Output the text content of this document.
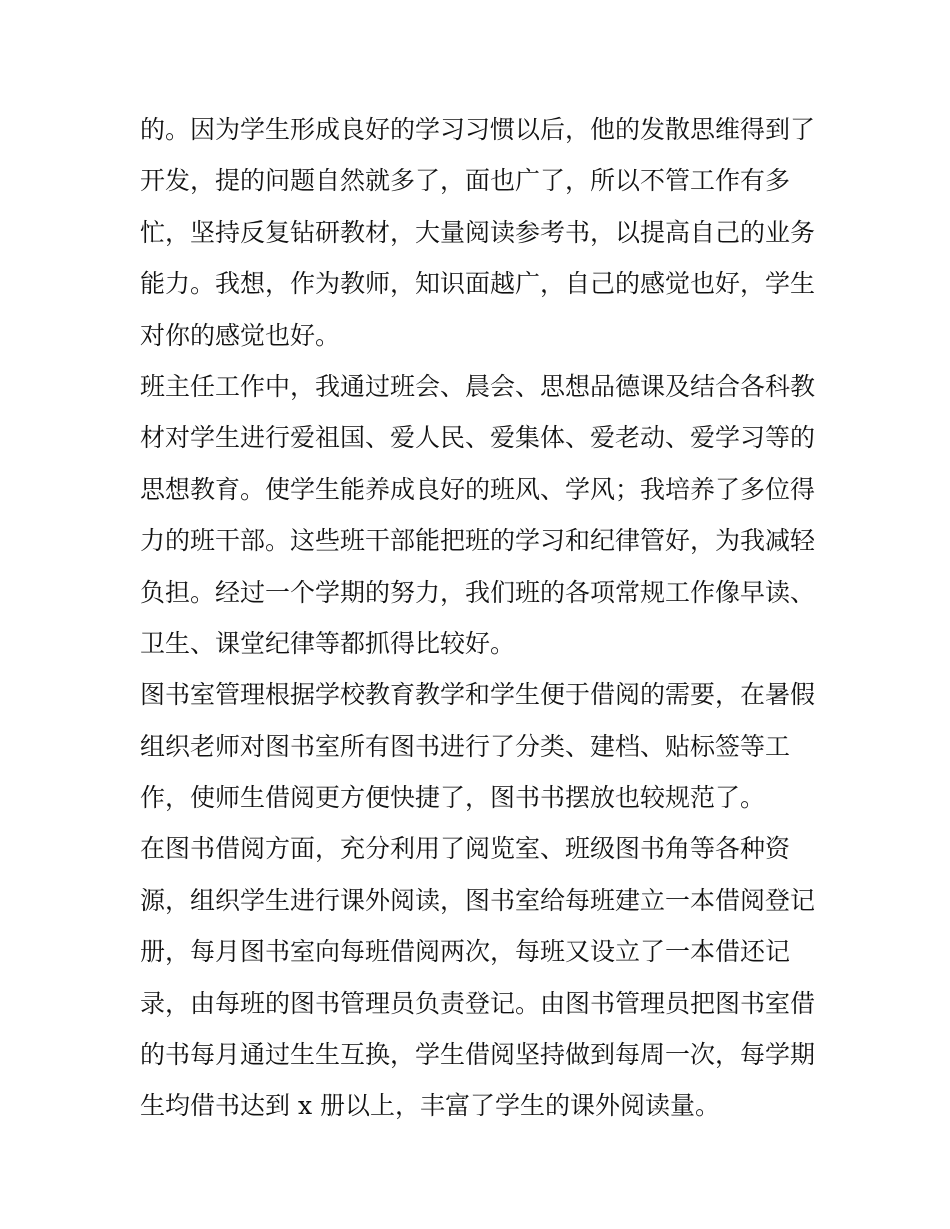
的。因为学生形成良好的学习习惯以后，他的发散思维得到了
开发，提的问题自然就多了，面也广了，所以不管工作有多
忙，坚持反复钻研教材，大量阅读参考书，以提高自己的业务
能力。我想，作为教师，知识面越广，自己的感觉也好，学生
对你的感觉也好。
班主任工作中，我通过班会、晨会、思想品德课及结合各科教
材对学生进行爱祖国、爱人民、爱集体、爱老动、爱学习等的
思想教育。使学生能养成良好的班风、学风；我培养了多位得
力的班干部。这些班干部能把班的学习和纪律管好，为我减轻
负担。经过一个学期的努力，我们班的各项常规工作像早读、
卫生、课堂纪律等都抓得比较好。
图书室管理根据学校教育教学和学生便于借阅的需要，在暑假
组织老师对图书室所有图书进行了分类、建档、贴标签等工
作，使师生借阅更方便快捷了，图书书摆放也较规范了。
在图书借阅方面，充分利用了阅览室、班级图书角等各种资
源，组织学生进行课外阅读，图书室给每班建立一本借阅登记
册，每月图书室向每班借阅两次，每班又设立了一本借还记
录，由每班的图书管理员负责登记。由图书管理员把图书室借
的书每月通过生生互换，学生借阅坚持做到每周一次，每学期
生均借书达到 x 册以上，丰富了学生的课外阅读量。
